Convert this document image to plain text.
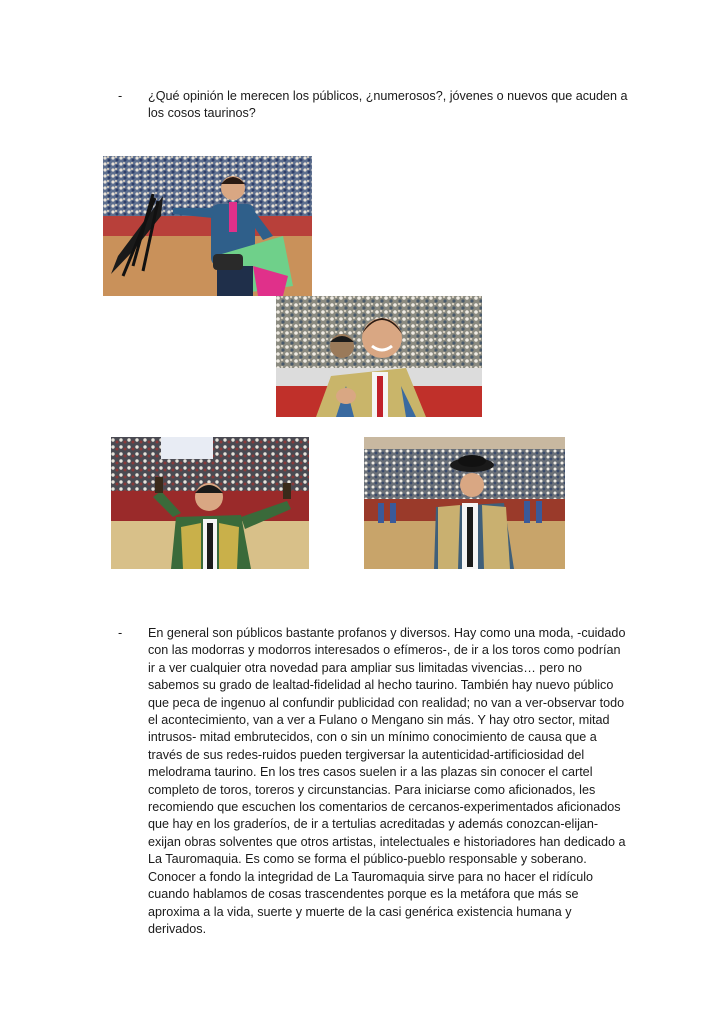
- ¿Qué opinión le merecen los públicos, ¿numerosos?, jóvenes o nuevos que acuden a los cosos taurinos?
- En general son públicos bastante profanos y diversos. Hay como una moda, -cuidado con las modorras y modorros interesados o efímeros-, de ir a los toros como podrían ir a ver cualquier otra novedad para ampliar sus limitadas vivencias… pero no sabemos su grado de lealtad-fidelidad al hecho taurino. También hay nuevo público que peca de ingenuo al confundir publicidad con realidad; no van a ver-observar todo el acontecimiento, van a ver a Fulano o Mengano sin más. Y hay otro sector, mitad intrusos- mitad embrutecidos, con o sin un mínimo conocimiento de causa que a través de sus redes-ruidos pueden tergiversar la autenticidad-artificiosidad del melodrama taurino. En los tres casos suelen ir a las plazas sin conocer el cartel completo de toros, toreros y circunstancias. Para iniciarse como aficionados, les recomiendo que escuchen los comentarios de cercanos-experimentados aficionados que hay en los graderíos, de ir a tertulias acreditadas y además conozcan-elijan-exijan obras solventes que otros artistas, intelectuales e historiadores han dedicado a La Tauromaquia. Es como se forma el público-pueblo responsable y soberano. Conocer a fondo la integridad de La Tauromaquia sirve para no hacer el ridículo cuando hablamos de cosas trascendentes porque es la metáfora que más se aproxima a la vida, suerte y muerte de la casi genérica existencia humana y derivados.
